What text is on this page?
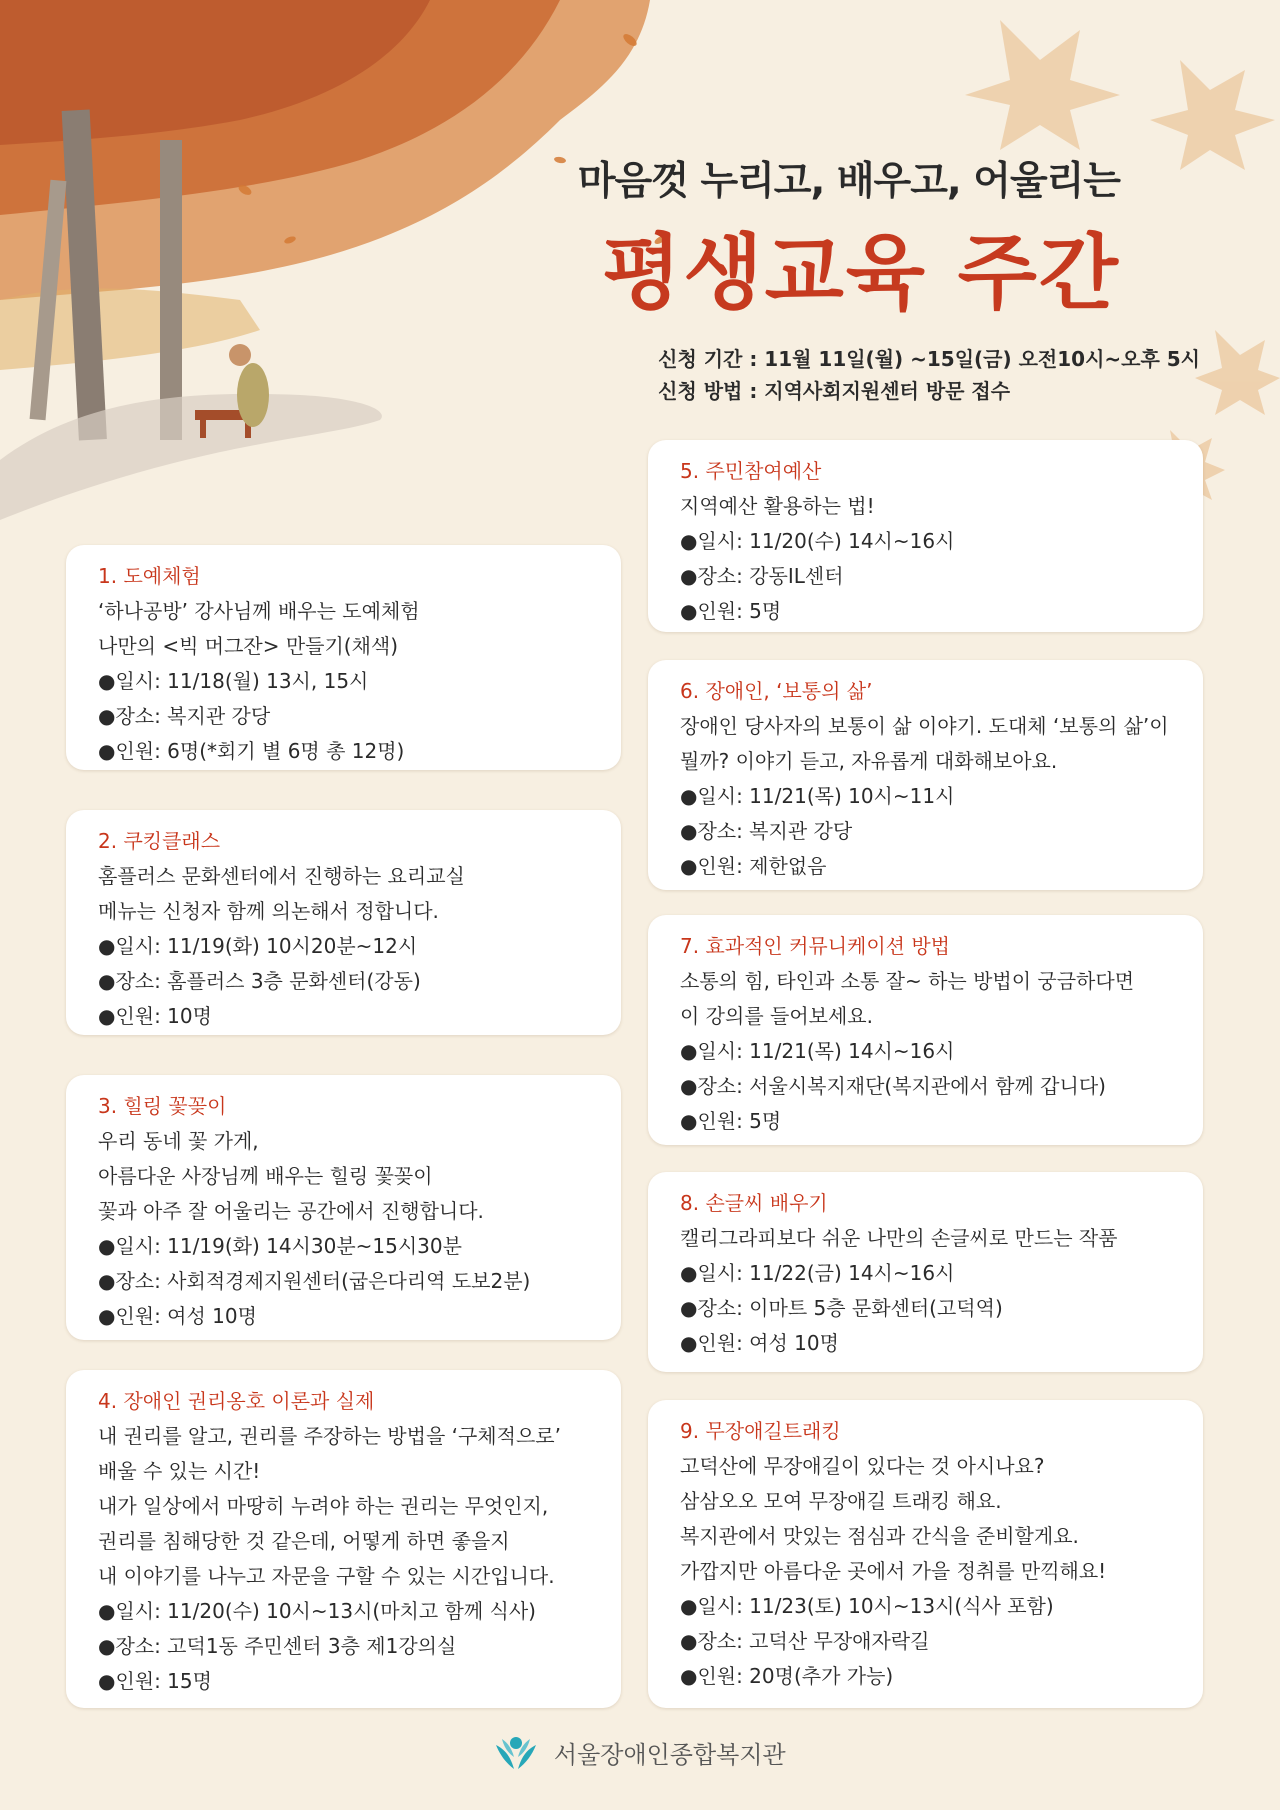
마음껏 누리고, 배우고, 어울리는
평생교육 주간
신청 기간 : 11월 11일(월) ~15일(금) 오전10시~오후 5시
신청 방법 : 지역사회지원센터 방문 접수
1. 도예체험
‘하나공방’ 강사님께 배우는 도예체험
나만의 <빅 머그잔> 만들기(채색)
●일시: 11/18(월) 13시, 15시
●장소: 복지관 강당
●인원: 6명(*회기 별 6명 총 12명)
2. 쿠킹클래스
홈플러스 문화센터에서 진행하는 요리교실
메뉴는 신청자 함께 의논해서 정합니다.
●일시: 11/19(화) 10시20분~12시
●장소: 홈플러스 3층 문화센터(강동)
●인원: 10명
3. 힐링 꽃꽂이
우리 동네 꽃 가게,
아름다운 사장님께 배우는 힐링 꽃꽂이
꽃과 아주 잘 어울리는 공간에서 진행합니다.
●일시: 11/19(화) 14시30분~15시30분
●장소: 사회적경제지원센터(굽은다리역 도보2분)
●인원: 여성 10명
4. 장애인 권리옹호 이론과 실제
내 권리를 알고, 권리를 주장하는 방법을 ‘구체적으로’
배울 수 있는 시간!
내가 일상에서 마땅히 누려야 하는 권리는 무엇인지,
권리를 침해당한 것 같은데, 어떻게 하면 좋을지
내 이야기를 나누고 자문을 구할 수 있는 시간입니다.
●일시: 11/20(수) 10시~13시(마치고 함께 식사)
●장소: 고덕1동 주민센터 3층 제1강의실
●인원: 15명
5. 주민참여예산
지역예산 활용하는 법!
●일시: 11/20(수) 14시~16시
●장소: 강동IL센터
●인원: 5명
6. 장애인, ‘보통의 삶’
장애인 당사자의 보통이 삶 이야기. 도대체 ‘보통의 삶’이
뭘까? 이야기 듣고, 자유롭게 대화해보아요.
●일시: 11/21(목) 10시~11시
●장소: 복지관 강당
●인원: 제한없음
7. 효과적인 커뮤니케이션 방법
소통의 힘, 타인과 소통 잘~ 하는 방법이 궁금하다면
이 강의를 들어보세요.
●일시: 11/21(목) 14시~16시
●장소: 서울시복지재단(복지관에서 함께 갑니다)
●인원: 5명
8. 손글씨 배우기
캘리그라피보다 쉬운 나만의 손글씨로 만드는 작품
●일시: 11/22(금) 14시~16시
●장소: 이마트 5층 문화센터(고덕역)
●인원: 여성 10명
9. 무장애길트래킹
고덕산에 무장애길이 있다는 것 아시나요?
삼삼오오 모여 무장애길 트래킹 해요.
복지관에서 맛있는 점심과 간식을 준비할게요.
가깝지만 아름다운 곳에서 가을 정취를 만끽해요!
●일시: 11/23(토) 10시~13시(식사 포함)
●장소: 고덕산 무장애자락길
●인원: 20명(추가 가능)
서울장애인종합복지관
